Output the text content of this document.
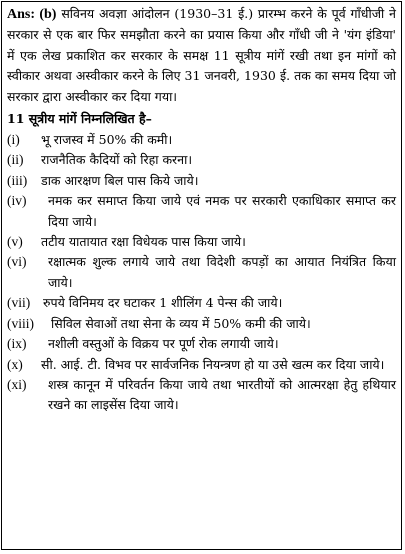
Ans: (b) सविनय अवज्ञा आंदोलन (1930–31 ई.) प्रारम्भ करने के पूर्व गाँधीजी ने सरकार से एक बार फिर समझौता करने का प्रयास किया और गाँधी जी ने 'यंग इंडिया' में एक लेख प्रकाशित कर सरकार के समक्ष 11 सूत्रीय मांगें रखी तथा इन मांगों को स्वीकार अथवा अस्वीकार करने के लिए 31 जनवरी, 1930 ई. तक का समय दिया जो सरकार द्वारा अस्वीकार कर दिया गया।
11 सूत्रीय मांगें निम्नलिखित है–
(i)	भू राजस्व में 50% की कमी।
(ii)	राजनैतिक कैदियों को रिहा करना।
(iii)	डाक आरक्षण बिल पास किये जाये।
(iv)	नमक कर समाप्त किया जाये एवं नमक पर सरकारी एकाधिकार समाप्त कर दिया जाये।
(v)	तटीय यातायात रक्षा विधेयक पास किया जाये।
(vi)	रक्षात्मक शुल्क लगाये जाये तथा विदेशी कपड़ों का आयात नियंत्रित किया जाये।
(vii)	रुपये विनिमय दर घटाकर 1 शीलिंग 4 पेन्स की जाये।
(viii)	सिविल सेवाओं तथा सेना के व्यय में 50% कमी की जाये।
(ix)	नशीली वस्तुओं के विक्रय पर पूर्ण रोक लगायी जाये।
(x)	सी. आई. टी. विभव पर सार्वजनिक नियन्त्रण हो या उसे खत्म कर दिया जाये।
(xi)	शस्त्र कानून में परिवर्तन किया जाये तथा भारतीयों को आत्मरक्षा हेतु हथियार रखने का लाइसेंस दिया जाये।
